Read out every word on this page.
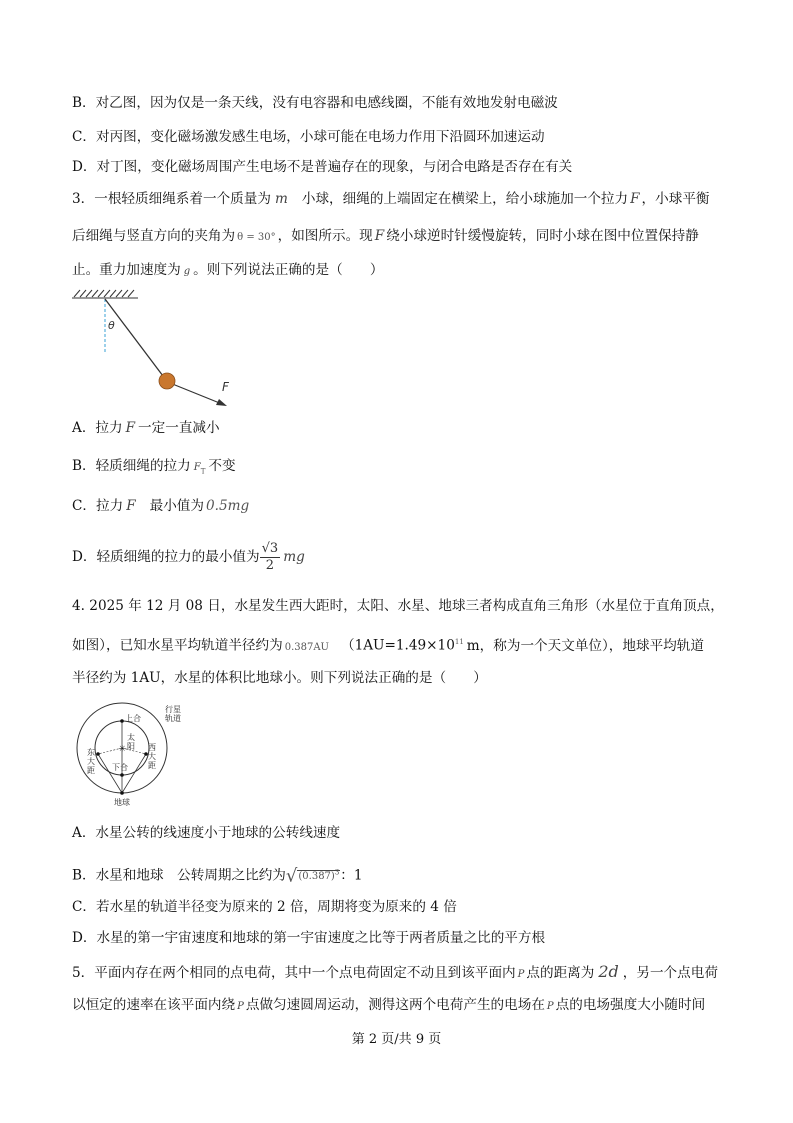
B．对乙图，因为仅是一条天线，没有电容器和电感线圈，不能有效地发射电磁波
C．对丙图，变化磁场激发感生电场，小球可能在电场力作用下沿圆环加速运动
D．对丁图，变化磁场周围产生电场不是普遍存在的现象，与闭合电路是否存在有关
3．一根轻质细绳系着一个质量为 m 小球，细绳的上端固定在横梁上，给小球施加一个拉力 F ，小球平衡
后细绳与竖直方向的夹角为 θ = 30° ，如图所示。现 F 绕小球逆时针缓慢旋转，同时小球在图中位置保持静
止。重力加速度为 g 。则下列说法正确的是（　　）
θ
F
A．拉力 F 一定一直减小
B．轻质细绳的拉力 $F_T$ 不变
C．拉力 F 最小值为 0.5mg
D．轻质细绳的拉力的最小值为 $\frac{√3}{2}$ mg
4. 2025 年 12 月 08 日，水星发生西大距时，太阳、水星、地球三者构成直角三角形（水星位于直角顶点，
如图），已知水星平均轨道半径约为 0.387AU （$1AU=1.49\times 10^{11}$ m，称为一个天文单位），地球平均轨道
半径约为 1AU，水星的体积比地球小。则下列说法正确的是（　　）
✳
上合
太
阳
下合
东
大
距
西
大
距
行星
轨道
地球
A．水星公转的线速度小于地球的公转线速度
B．水星和地球　公转周期之比约为$√(0.387)^3$：1
C．若水星的轨道半径变为原来的 2 倍，周期将变为原来的 4 倍
D．水星的第一宇宙速度和地球的第一宇宙速度之比等于两者质量之比的平方根
5．平面内存在两个相同的点电荷，其中一个点电荷固定不动且到该平面内 P 点的距离为 2d ，另一个点电荷
以恒定的速率在该平面内绕 P 点做匀速圆周运动，测得这两个电荷产生的电场在 P 点的电场强度大小随时间
第 2 页/共 9 页
